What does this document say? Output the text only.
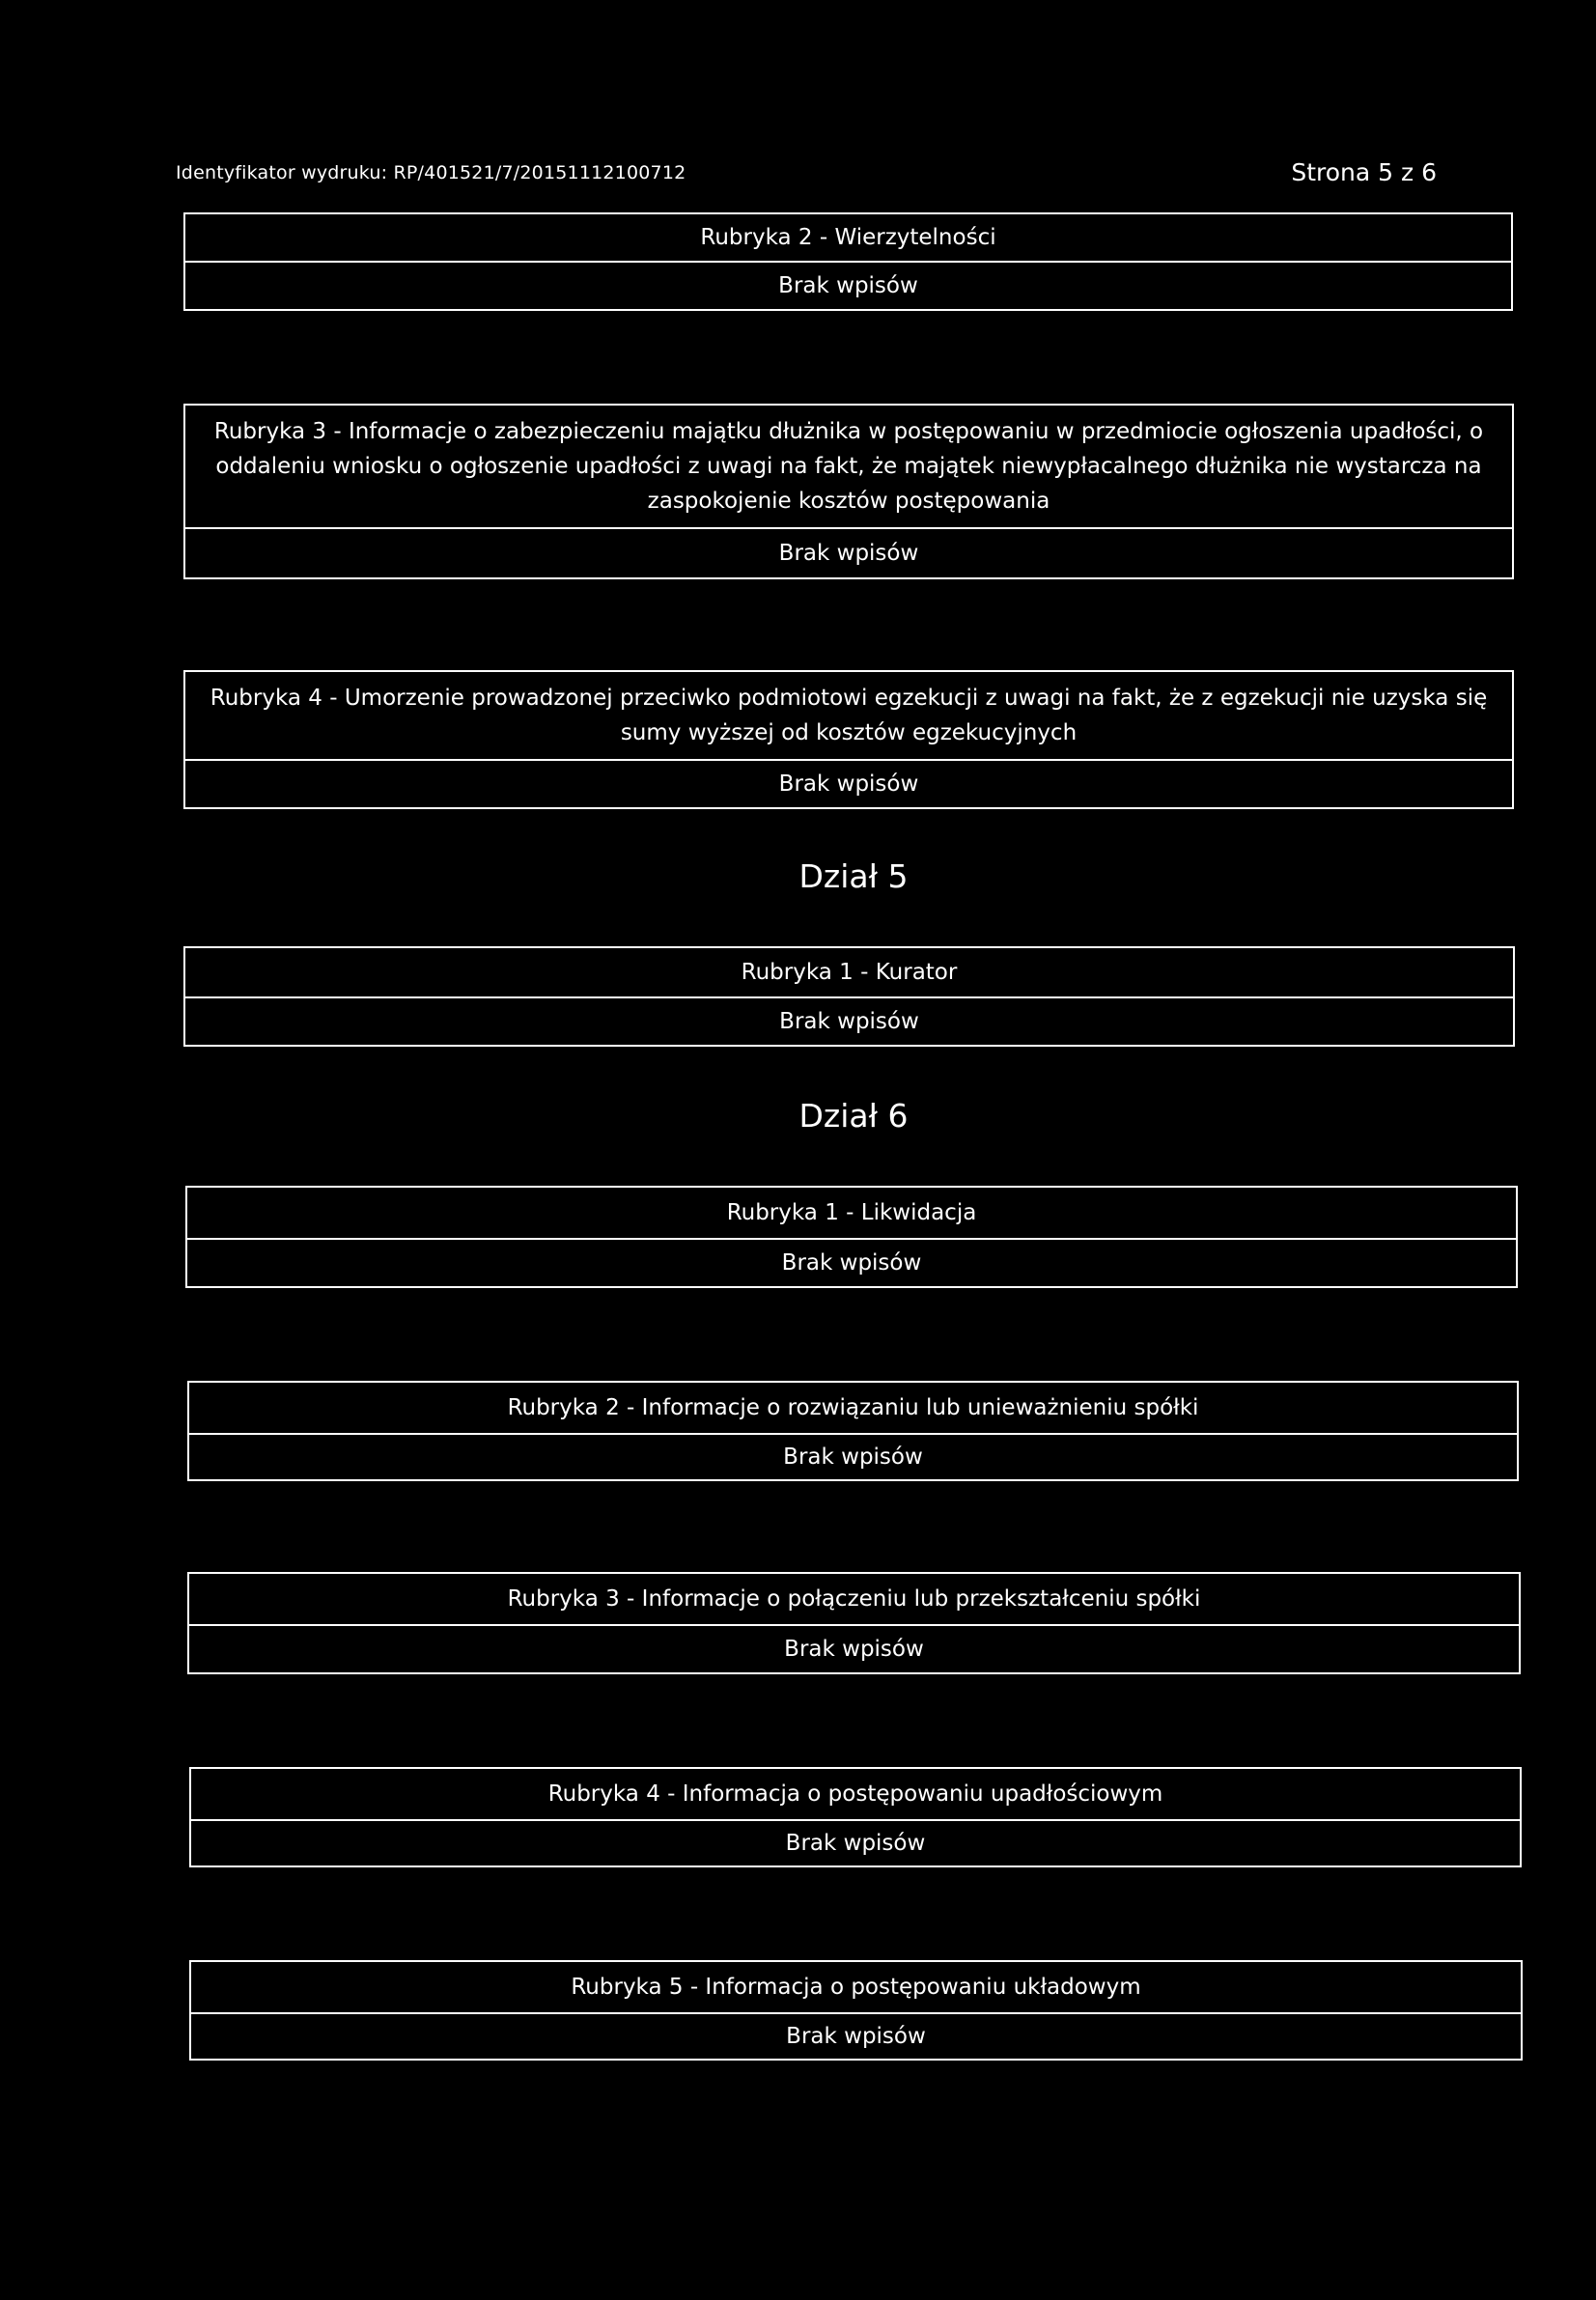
Identyfikator wydruku: RP/401521/7/20151112100712	Strona 5 z 6
Rubryka 2 - Wierzytelności
Brak wpisów
Rubryka 3 - Informacje o zabezpieczeniu majątku dłużnika w postępowaniu w przedmiocie ogłoszenia upadłości, o oddaleniu wniosku o ogłoszenie upadłości z uwagi na fakt, że majątek niewypłacalnego dłużnika nie wystarcza na zaspokojenie kosztów postępowania
Brak wpisów
Rubryka 4 - Umorzenie prowadzonej przeciwko podmiotowi egzekucji z uwagi na fakt, że z egzekucji nie uzyska się sumy wyższej od kosztów egzekucyjnych
Brak wpisów
Dział 5
Rubryka 1 - Kurator
Brak wpisów
Dział 6
Rubryka 1 - Likwidacja
Brak wpisów
Rubryka 2 - Informacje o rozwiązaniu lub unieważnieniu spółki
Brak wpisów
Rubryka 3 - Informacje o połączeniu lub przekształceniu spółki
Brak wpisów
Rubryka 4 - Informacja o postępowaniu upadłościowym
Brak wpisów
Rubryka 5 - Informacja o postępowaniu układowym
Brak wpisów
